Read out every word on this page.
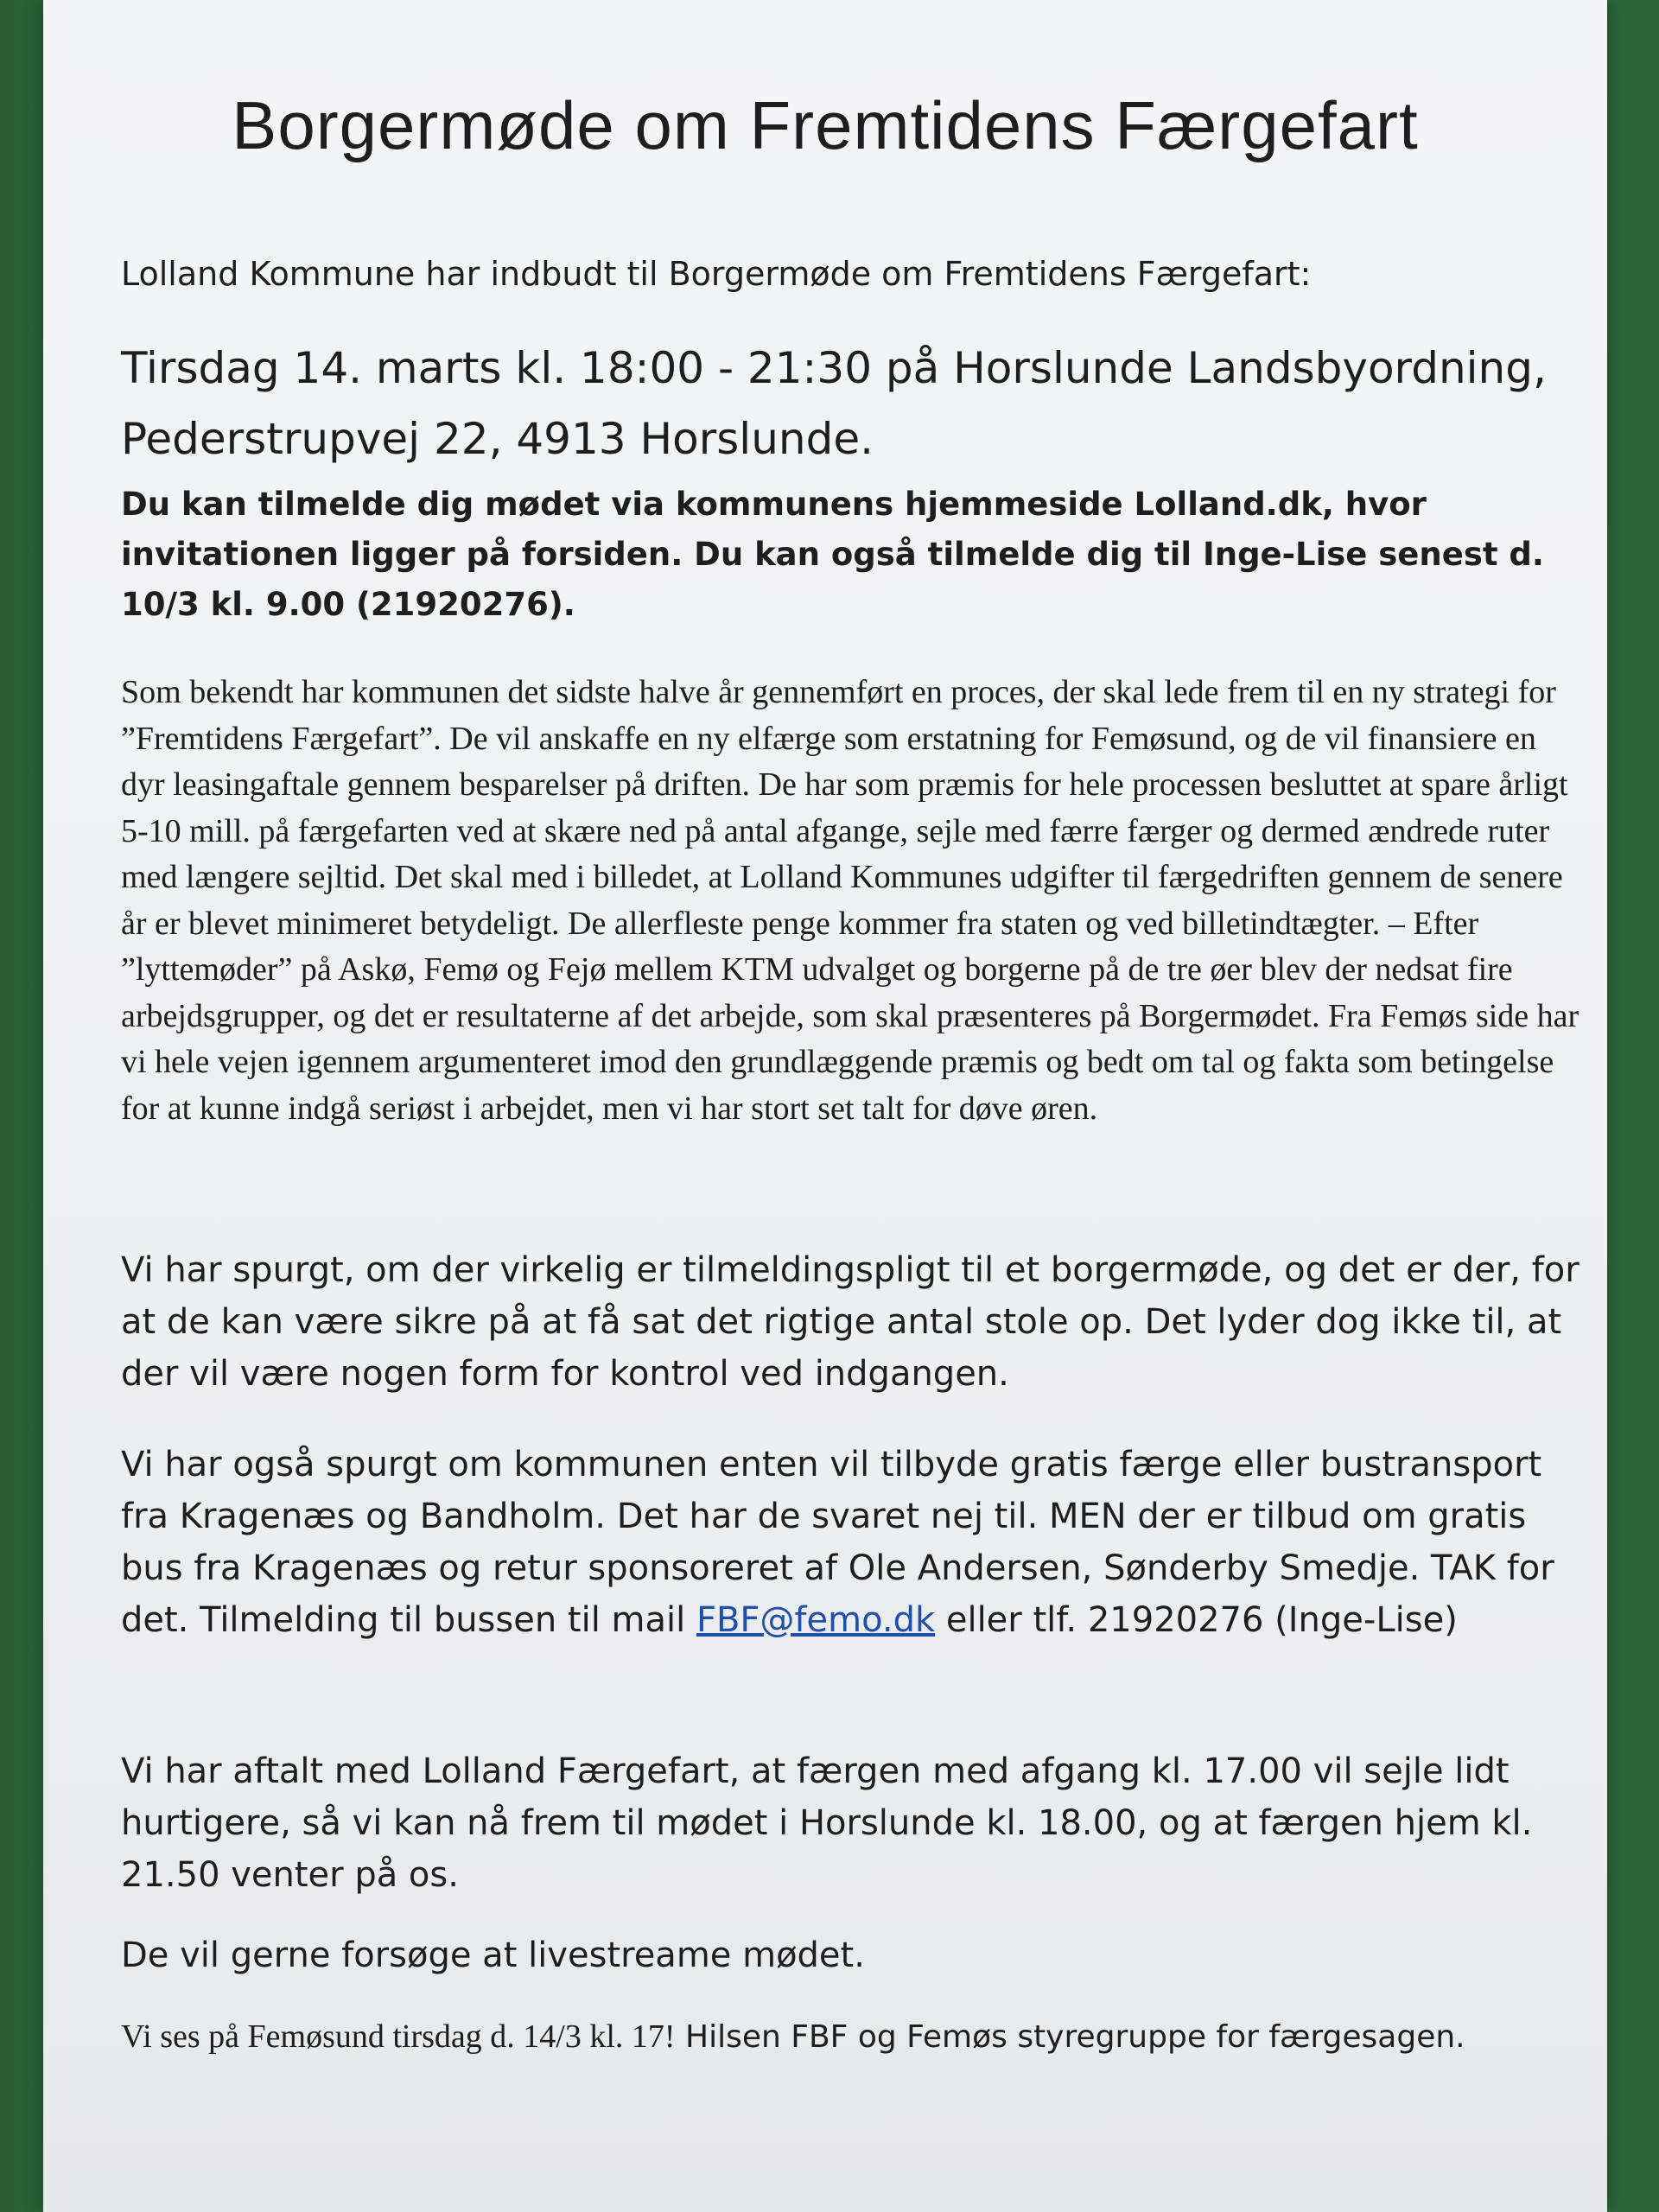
Borgermøde om Fremtidens Færgefart

Lolland Kommune har indbudt til Borgermøde om Fremtidens Færgefart:

Tirsdag 14. marts kl. 18:00 - 21:30 på Horslunde Landsbyordning,
Pederstrupvej 22, 4913 Horslunde.

Du kan tilmelde dig mødet via kommunens hjemmeside Lolland.dk, hvor invitationen ligger på forsiden. Du kan også tilmelde dig til Inge-Lise senest d. 10/3 kl. 9.00 (21920276).

Som bekendt har kommunen det sidste halve år gennemført en proces, der skal lede frem til en ny strategi for ”Fremtidens Færgefart”. De vil anskaffe en ny elfærge som erstatning for Femøsund, og de vil finansiere en dyr leasingaftale gennem besparelser på driften. De har som præmis for hele processen besluttet at spare årligt 5-10 mill. på færgefarten ved at skære ned på antal afgange, sejle med færre færger og dermed ændrede ruter med længere sejltid. Det skal med i billedet, at Lolland Kommunes udgifter til færgedriften gennem de senere år er blevet minimeret betydeligt. De allerfleste penge kommer fra staten og ved billetindtægter. – Efter ”lyttemøder” på Askø, Femø og Fejø mellem KTM udvalget og borgerne på de tre øer blev der nedsat fire arbejdsgrupper, og det er resultaterne af det arbejde, som skal præsenteres på Borgermødet. Fra Femøs side har vi hele vejen igennem argumenteret imod den grundlæggende præmis og bedt om tal og fakta som betingelse for at kunne indgå seriøst i arbejdet, men vi har stort set talt for døve øren.

Vi har spurgt, om der virkelig er tilmeldingspligt til et borgermøde, og det er der, for at de kan være sikre på at få sat det rigtige antal stole op. Det lyder dog ikke til, at der vil være nogen form for kontrol ved indgangen.

Vi har også spurgt om kommunen enten vil tilbyde gratis færge eller bustransport fra Kragenæs og Bandholm. Det har de svaret nej til. MEN der er tilbud om gratis bus fra Kragenæs og retur sponsoreret af Ole Andersen, Sønderby Smedje. TAK for det. Tilmelding til bussen til mail FBF@femo.dk eller tlf. 21920276 (Inge-Lise)

Vi har aftalt med Lolland Færgefart, at færgen med afgang kl. 17.00 vil sejle lidt hurtigere, så vi kan nå frem til mødet i Horslunde kl. 18.00, og at færgen hjem kl. 21.50 venter på os.

De vil gerne forsøge at livestreame mødet.

Vi ses på Femøsund tirsdag d. 14/3 kl. 17! Hilsen FBF og Femøs styregruppe for færgesagen.
